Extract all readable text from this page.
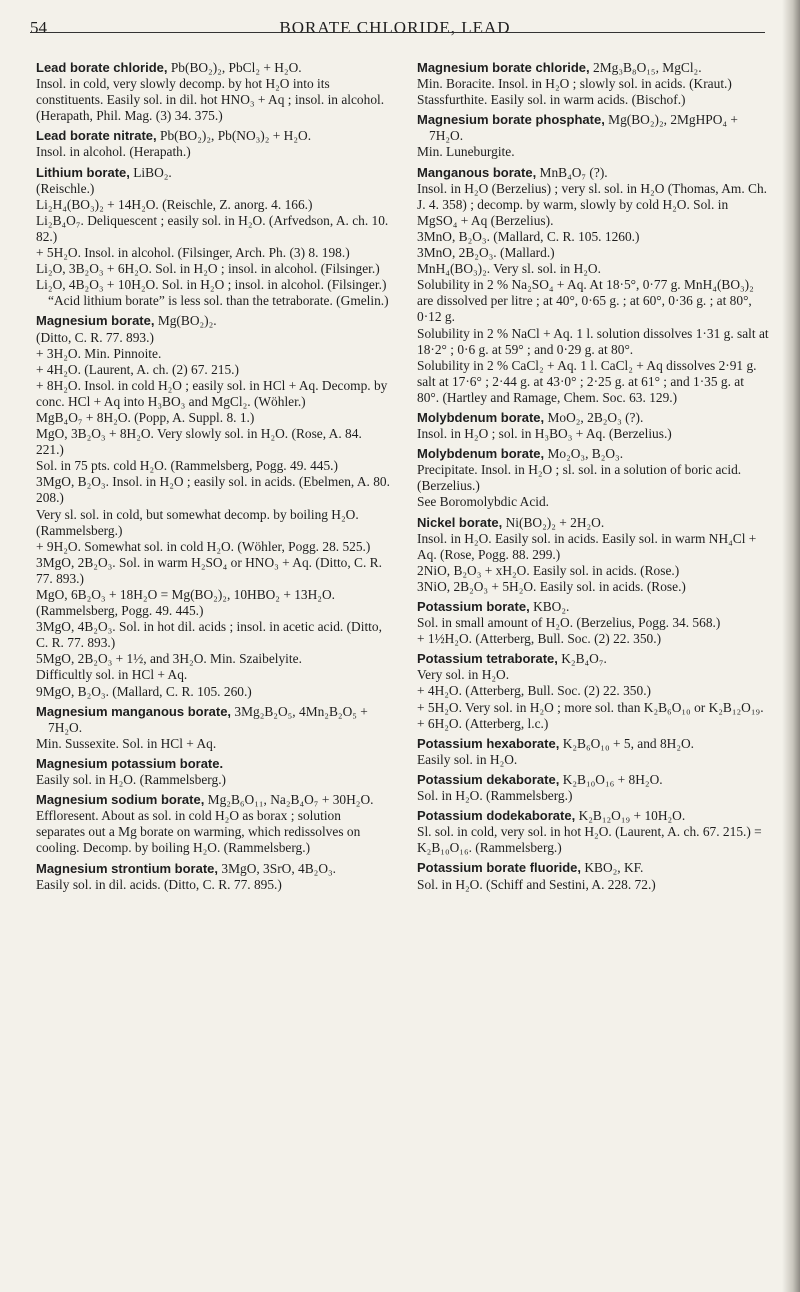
54	BORATE CHLORIDE, LEAD
Lead borate chloride, Pb(BO₂)₂, PbCl₂ + H₂O.
Insol. in cold, very slowly decomp. by hot H₂O into its constituents. Easily sol. in dil. hot HNO₃ + Aq ; insol. in alcohol. (Herapath, Phil. Mag. (3) 34. 375.)
Lead borate nitrate, Pb(BO₂)₂, Pb(NO₃)₂ + H₂O.
Insol. in alcohol. (Herapath.)
Lithium borate, LiBO₂.
(Reischle.)
Li₂H₄(BO₃)₂ + 14H₂O. (Reischle, Z. anorg. 4. 166.)
Li₂B₄O₇. Deliquescent ; easily sol. in H₂O. (Arfvedson, A. ch. 10. 82.)
+ 5H₂O. Insol. in alcohol. (Filsinger, Arch. Ph. (3) 8. 198.)
Li₂O, 3B₂O₃ + 6H₂O. Sol. in H₂O ; insol. in alcohol. (Filsinger.)
Li₂O, 4B₂O₃ + 10H₂O. Sol. in H₂O ; insol. in alcohol. (Filsinger.)
“Acid lithium borate” is less sol. than the tetraborate. (Gmelin.)
Magnesium borate, Mg(BO₂)₂.
(Ditto, C. R. 77. 893.)
+ 3H₂O. Min. Pinnoite.
+ 4H₂O. (Laurent, A. ch. (2) 67. 215.)
+ 8H₂O. Insol. in cold H₂O ; easily sol. in HCl + Aq. Decomp. by conc. HCl + Aq into H₃BO₃ and MgCl₂. (Wöhler.)
MgB₄O₇ + 8H₂O. (Popp, A. Suppl. 8. 1.)
MgO, 3B₂O₃ + 8H₂O. Very slowly sol. in H₂O. (Rose, A. 84. 221.)
Sol. in 75 pts. cold H₂O. (Rammelsberg, Pogg. 49. 445.)
3MgO, B₂O₃. Insol. in H₂O ; easily sol. in acids. (Ebelmen, A. 80. 208.)
Very sl. sol. in cold, but somewhat decomp. by boiling H₂O. (Rammelsberg.)
+ 9H₂O. Somewhat sol. in cold H₂O. (Wöhler, Pogg. 28. 525.)
3MgO, 2B₂O₃. Sol. in warm H₂SO₄ or HNO₃ + Aq. (Ditto, C. R. 77. 893.)
MgO, 6B₂O₃ + 18H₂O = Mg(BO₂)₂, 10HBO₂ + 13H₂O. (Rammelsberg, Pogg. 49. 445.)
3MgO, 4B₂O₃. Sol. in hot dil. acids ; insol. in acetic acid. (Ditto, C. R. 77. 893.)
5MgO, 2B₂O₃ + 1½, and 3H₂O. Min. Szaibelyite.
Difficultly sol. in HCl + Aq.
9MgO, B₂O₃. (Mallard, C. R. 105. 260.)
Magnesium manganous borate, 3Mg₂B₂O₅, 4Mn₂B₂O₅ + 7H₂O.
Min. Sussexite. Sol. in HCl + Aq.
Magnesium potassium borate.
Easily sol. in H₂O. (Rammelsberg.)
Magnesium sodium borate, Mg₂B₆O₁₁, Na₂B₄O₇ + 30H₂O.
Effloresent. About as sol. in cold H₂O as borax ; solution separates out a Mg borate on warming, which redissolves on cooling. Decomp. by boiling H₂O. (Rammelsberg.)
Magnesium strontium borate, 3MgO, 3SrO, 4B₂O₃.
Easily sol. in dil. acids. (Ditto, C. R. 77. 895.)
Magnesium borate chloride, 2Mg₃B₈O₁₅, MgCl₂.
Min. Boracite. Insol. in H₂O ; slowly sol. in acids. (Kraut.)
Stassfurthite. Easily sol. in warm acids. (Bischof.)
Magnesium borate phosphate, Mg(BO₂)₂, 2MgHPO₄ + 7H₂O.
Min. Luneburgite.
Manganous borate, MnB₄O₇ (?).
Insol. in H₂O (Berzelius) ; very sl. sol. in H₂O (Thomas, Am. Ch. J. 4. 358) ; decomp. by warm, slowly by cold H₂O. Sol. in MgSO₄ + Aq (Berzelius).
3MnO, B₂O₃. (Mallard, C. R. 105. 1260.)
3MnO, 2B₂O₃. (Mallard.)
MnH₄(BO₃)₂. Very sl. sol. in H₂O.
Solubility in 2 % Na₂SO₄ + Aq. At 18·5°, 0·77 g. MnH₄(BO₃)₂ are dissolved per litre ; at 40°, 0·65 g. ; at 60°, 0·36 g. ; at 80°, 0·12 g.
Solubility in 2 % NaCl + Aq. 1 l. solution dissolves 1·31 g. salt at 18·2° ; 0·6 g. at 59° ; and 0·29 g. at 80°.
Solubility in 2 % CaCl₂ + Aq. 1 l. CaCl₂ + Aq dissolves 2·91 g. salt at 17·6° ; 2·44 g. at 43·0° ; 2·25 g. at 61° ; and 1·35 g. at 80°. (Hartley and Ramage, Chem. Soc. 63. 129.)
Molybdenum borate, MoO₂, 2B₂O₃ (?).
Insol. in H₂O ; sol. in H₃BO₃ + Aq. (Berzelius.)
Molybdenum borate, Mo₂O₃, B₂O₃.
Precipitate. Insol. in H₂O ; sl. sol. in a solution of boric acid. (Berzelius.)
See Boromolybdic Acid.
Nickel borate, Ni(BO₂)₂ + 2H₂O.
Insol. in H₂O. Easily sol. in acids. Easily sol. in warm NH₄Cl + Aq. (Rose, Pogg. 88. 299.)
2NiO, B₂O₃ + xH₂O. Easily sol. in acids. (Rose.)
3NiO, 2B₂O₃ + 5H₂O. Easily sol. in acids. (Rose.)
Potassium borate, KBO₂.
Sol. in small amount of H₂O. (Berzelius, Pogg. 34. 568.)
+ 1½H₂O. (Atterberg, Bull. Soc. (2) 22. 350.)
Potassium tetraborate, K₂B₄O₇.
Very sol. in H₂O.
+ 4H₂O. (Atterberg, Bull. Soc. (2) 22. 350.)
+ 5H₂O. Very sol. in H₂O ; more sol. than K₂B₆O₁₀ or K₂B₁₂O₁₉.
+ 6H₂O. (Atterberg, l.c.)
Potassium hexaborate, K₂B₆O₁₀ + 5, and 8H₂O.
Easily sol. in H₂O.
Potassium dekaborate, K₂B₁₀O₁₆ + 8H₂O.
Sol. in H₂O. (Rammelsberg.)
Potassium dodekaborate, K₂B₁₂O₁₉ + 10H₂O.
Sl. sol. in cold, very sol. in hot H₂O. (Laurent, A. ch. 67. 215.) = K₂B₁₀O₁₆. (Rammelsberg.)
Potassium borate fluoride, KBO₂, KF.
Sol. in H₂O. (Schiff and Sestini, A. 228. 72.)
